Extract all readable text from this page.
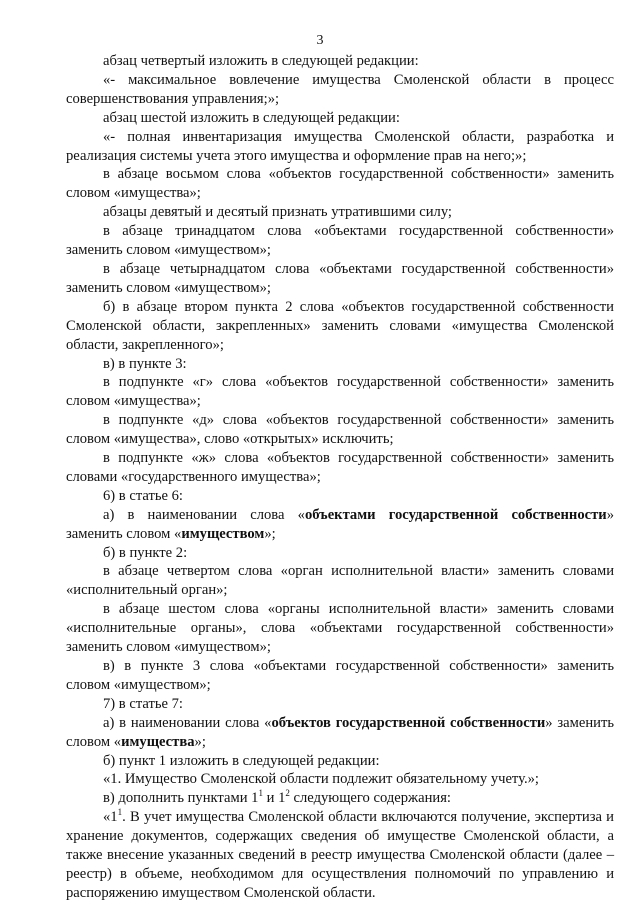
3

абзац четвертый изложить в следующей редакции:

«- максимальное вовлечение имущества Смоленской области в процесс совершенствования управления;»;

абзац шестой изложить в следующей редакции:

«- полная инвентаризация имущества Смоленской области, разработка и реализация системы учета этого имущества и оформление прав на него;»;

в абзаце восьмом слова «объектов государственной собственности» заменить словом «имущества»;

абзацы девятый и десятый признать утратившими силу;

в абзаце тринадцатом слова «объектами государственной собственности» заменить словом «имуществом»;

в абзаце четырнадцатом слова «объектами государственной собственности» заменить словом «имуществом»;

б) в абзаце втором пункта 2 слова «объектов государственной собственности Смоленской области, закрепленных» заменить словами «имущества Смоленской области, закрепленного»;

в) в пункте 3:

в подпункте «г» слова «объектов государственной собственности» заменить словом «имущества»;

в подпункте «д» слова «объектов государственной собственности» заменить словом «имущества», слово «открытых» исключить;

в подпункте «ж» слова «объектов государственной собственности» заменить словами «государственного имущества»;

6) в статье 6:

а) в наименовании слова «объектами государственной собственности» заменить словом «имуществом»;

б) в пункте 2:

в абзаце четвертом слова «орган исполнительной власти» заменить словами «исполнительный орган»;

в абзаце шестом слова «органы исполнительной власти» заменить словами «исполнительные органы», слова «объектами государственной собственности» заменить словом «имуществом»;

в) в пункте 3 слова «объектами государственной собственности» заменить словом «имуществом»;

7) в статье 7:

а) в наименовании слова «объектов государственной собственности» заменить словом «имущества»;

б) пункт 1 изложить в следующей редакции:

«1. Имущество Смоленской области подлежит обязательному учету.»;

в) дополнить пунктами $1^1$ и $1^2$ следующего содержания:

«$1^1$. В учет имущества Смоленской области включаются получение, экспертиза и хранение документов, содержащих сведения об имуществе Смоленской области, а также внесение указанных сведений в реестр имущества Смоленской области (далее – реестр) в объеме, необходимом для осуществления полномочий по управлению и распоряжению имуществом Смоленской области.
